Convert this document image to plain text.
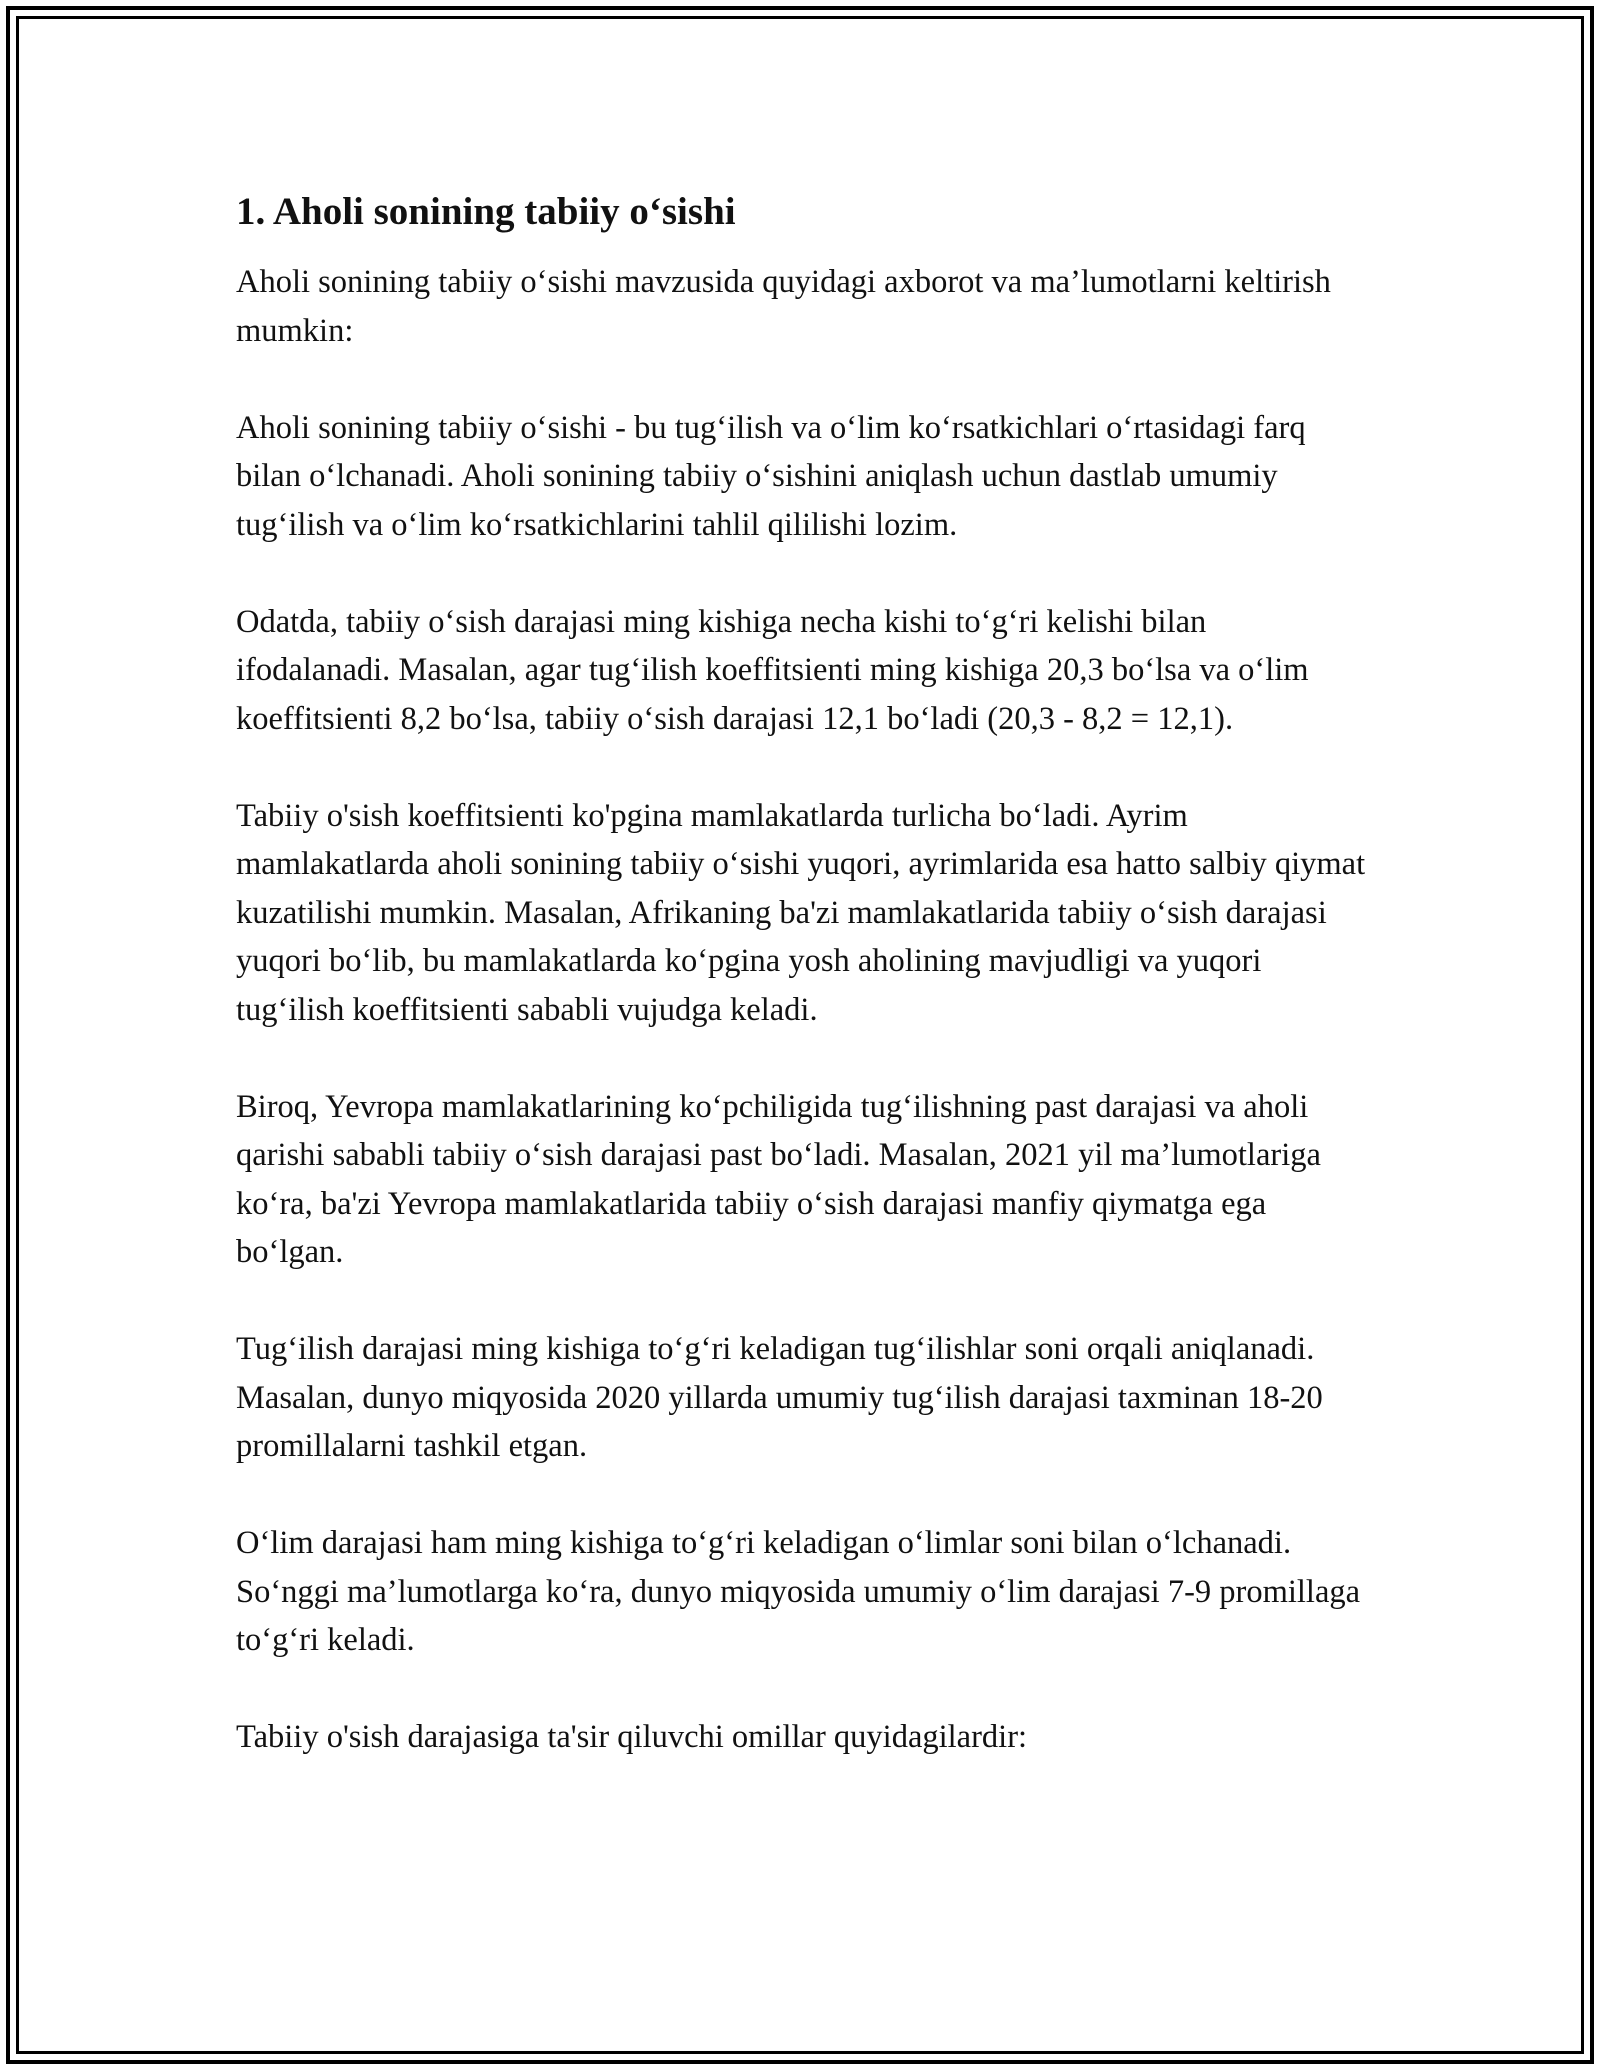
1. Aholi sonining tabiiy o‘sishi

Aholi sonining tabiiy o‘sishi mavzusida quyidagi axborot va ma’lumotlarni keltirish mumkin:

Aholi sonining tabiiy o‘sishi - bu tug‘ilish va o‘lim ko‘rsatkichlari o‘rtasidagi farq bilan o‘lchanadi. Aholi sonining tabiiy o‘sishini aniqlash uchun dastlab umumiy tug‘ilish va o‘lim ko‘rsatkichlarini tahlil qililishi lozim.

Odatda, tabiiy o‘sish darajasi ming kishiga necha kishi to‘g‘ri kelishi bilan ifodalanadi. Masalan, agar tug‘ilish koeffitsienti ming kishiga 20,3 bo‘lsa va o‘lim koeffitsienti 8,2 bo‘lsa, tabiiy o‘sish darajasi 12,1 bo‘ladi (20,3 - 8,2 = 12,1).

Tabiiy o'sish koeffitsienti ko'pgina mamlakatlarda turlicha bo‘ladi. Ayrim mamlakatlarda aholi sonining tabiiy o‘sishi yuqori, ayrimlarida esa hatto salbiy qiymat kuzatilishi mumkin. Masalan, Afrikaning ba'zi mamlakatlarida tabiiy o‘sish darajasi yuqori bo‘lib, bu mamlakatlarda ko‘pgina yosh aholining mavjudligi va yuqori tug‘ilish koeffitsienti sababli vujudga keladi.

Biroq, Yevropa mamlakatlarining ko‘pchiligida tug‘ilishning past darajasi va aholi qarishi sababli tabiiy o‘sish darajasi past bo‘ladi. Masalan, 2021 yil ma’lumotlariga ko‘ra, ba'zi Yevropa mamlakatlarida tabiiy o‘sish darajasi manfiy qiymatga ega bo‘lgan.

Tug‘ilish darajasi ming kishiga to‘g‘ri keladigan tug‘ilishlar soni orqali aniqlanadi. Masalan, dunyo miqyosida 2020 yillarda umumiy tug‘ilish darajasi taxminan 18-20 promillalarni tashkil etgan.

O‘lim darajasi ham ming kishiga to‘g‘ri keladigan o‘limlar soni bilan o‘lchanadi. So‘nggi ma’lumotlarga ko‘ra, dunyo miqyosida umumiy o‘lim darajasi 7-9 promillaga to‘g‘ri keladi.

Tabiiy o'sish darajasiga ta'sir qiluvchi omillar quyidagilardir:
